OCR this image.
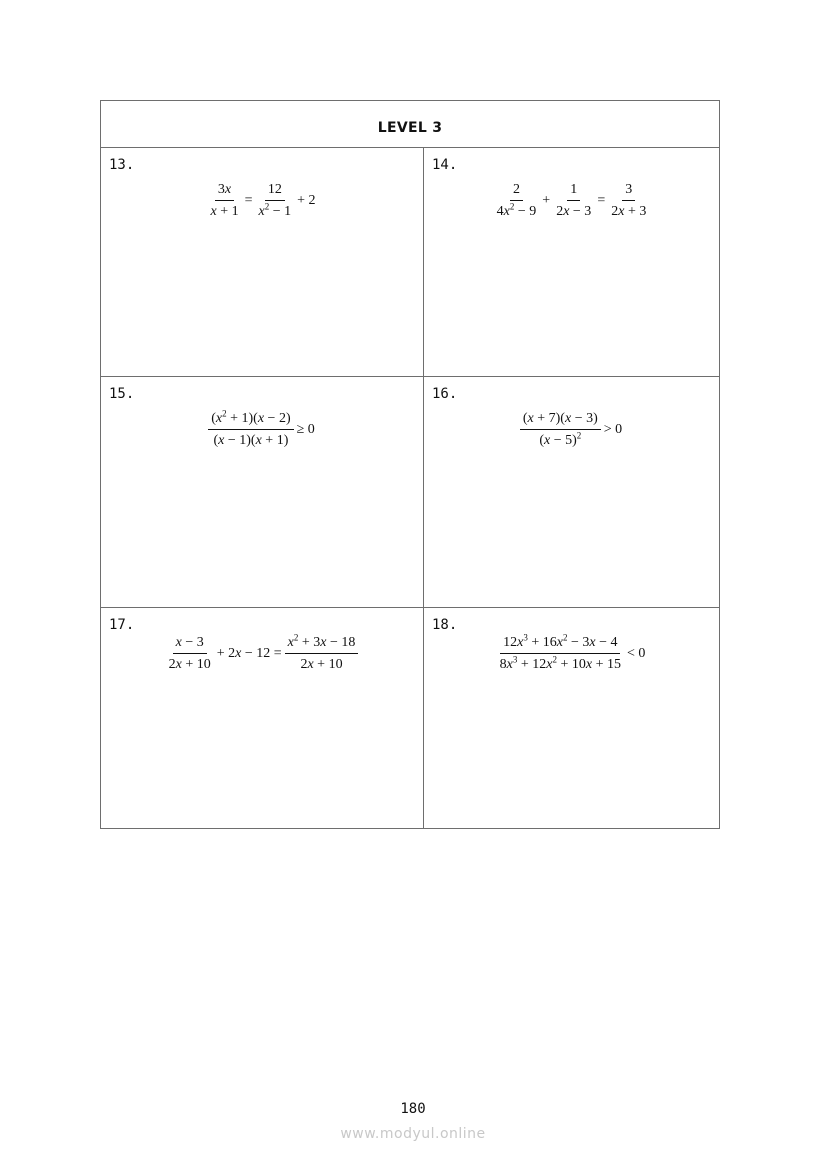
LEVEL 3
13.
$\frac{3x}{x + 1} = \frac{12}{x^2 - 1} + 2$
14.
$\frac{2}{4x^2 - 9} + \frac{1}{2x - 3} = \frac{3}{2x + 3}$
15.
$\frac{(x^2 + 1)(x - 2)}{(x - 1)(x + 1)} \ge 0$
16.
$\frac{(x + 7)(x - 3)}{(x - 5)^2} > 0$
17.
$\frac{x - 3}{2x + 10} + 2x - 12 = \frac{x^2 + 3x - 18}{2x + 10}$
18.
$\frac{12x^3 + 16x^2 - 3x - 4}{8x^3 + 12x^2 + 10x + 15} < 0$
180
www.modyul.online
